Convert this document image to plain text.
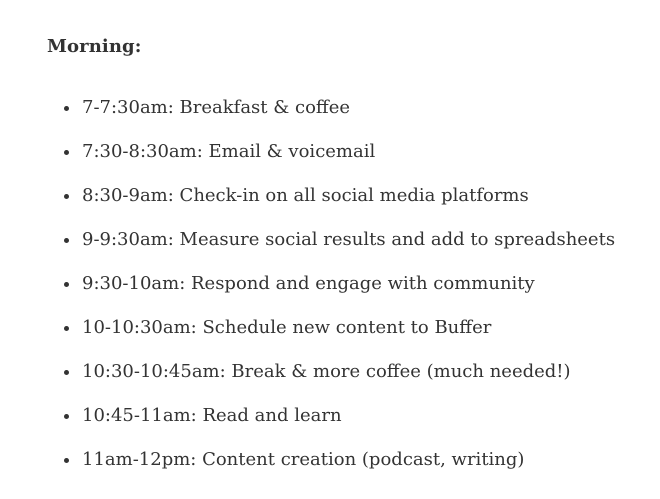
Morning:
7-7:30am: Breakfast & coffee
7:30-8:30am: Email & voicemail
8:30-9am: Check-in on all social media platforms
9-9:30am: Measure social results and add to spreadsheets
9:30-10am: Respond and engage with community
10-10:30am: Schedule new content to Buffer
10:30-10:45am: Break & more coffee (much needed!)
10:45-11am: Read and learn
11am-12pm: Content creation (podcast, writing)
